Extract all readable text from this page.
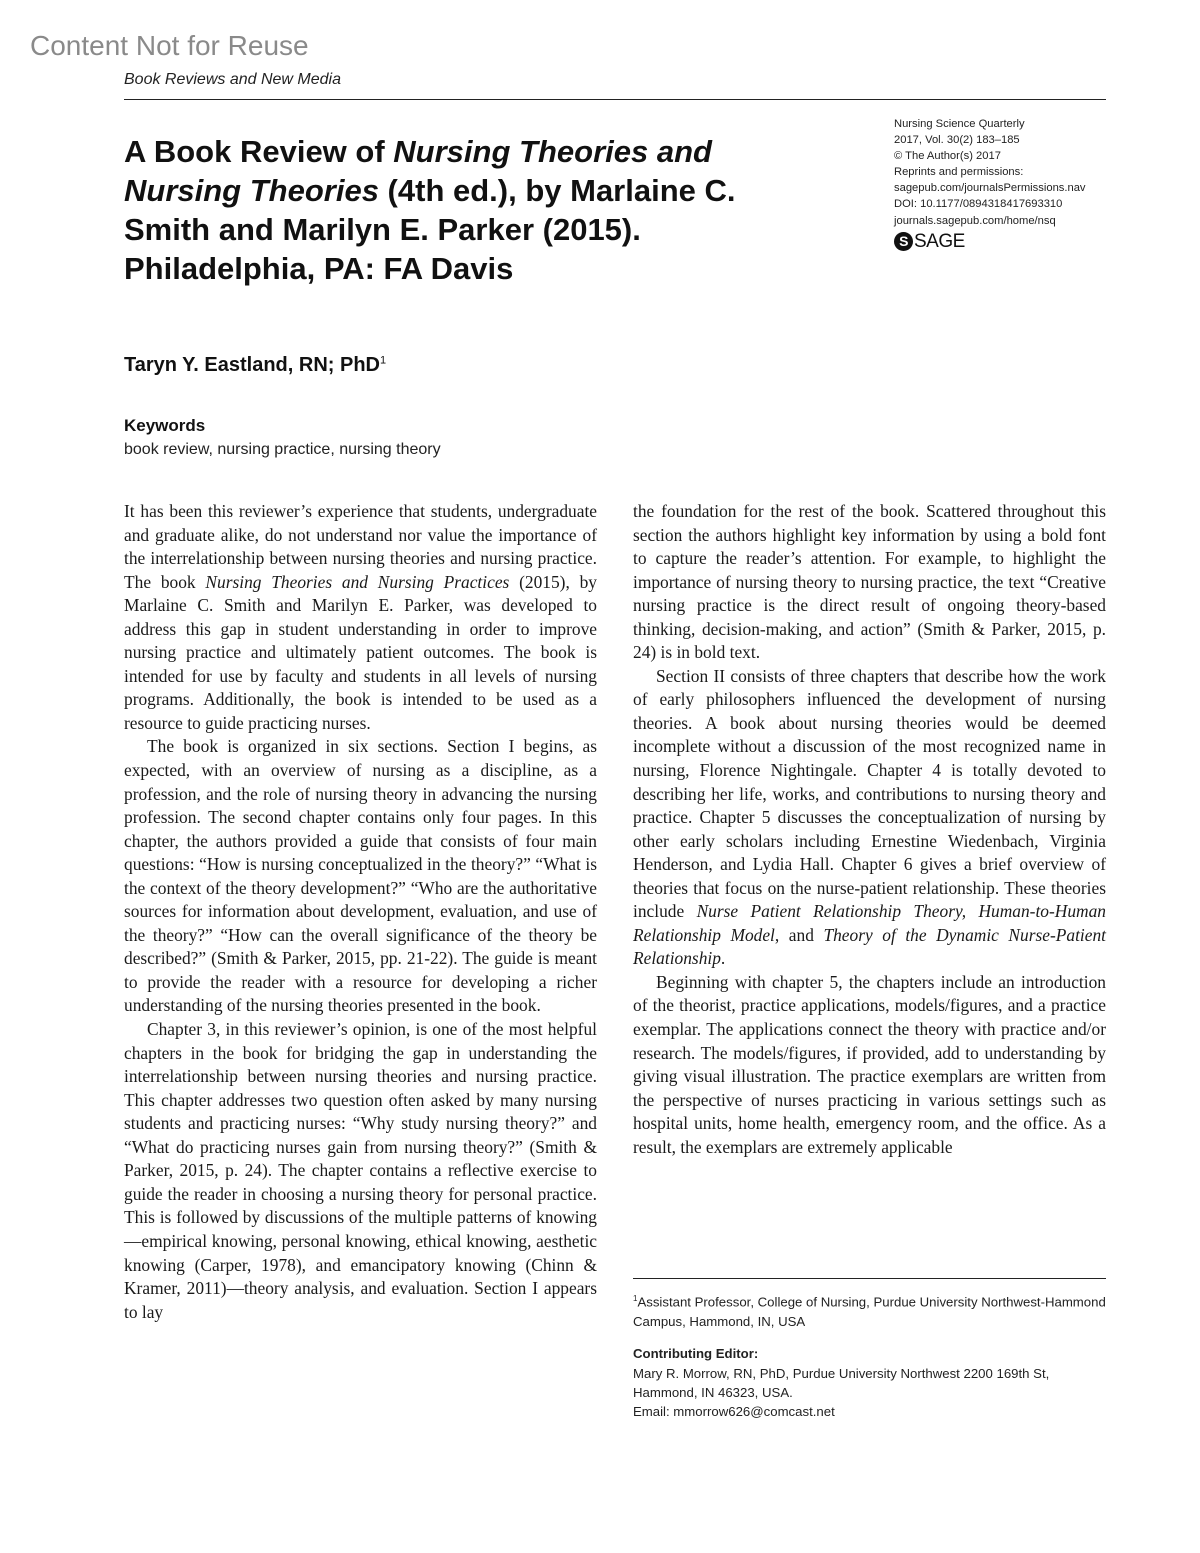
Content Not for Reuse
Book Reviews and New Media
Nursing Science Quarterly
2017, Vol. 30(2) 183–185
© The Author(s) 2017
Reprints and permissions:
sagepub.com/journalsPermissions.nav
DOI: 10.1177/0894318417693310
journals.sagepub.com/home/nsq
S SAGE
A Book Review of Nursing Theories and Nursing Theories (4th ed.), by Marlaine C. Smith and Marilyn E. Parker (2015). Philadelphia, PA: FA Davis
Taryn Y. Eastland, RN; PhD$^1$
Keywords
book review, nursing practice, nursing theory

It has been this reviewer’s experience that students, undergraduate and graduate alike, do not understand nor value the importance of the interrelationship between nursing theories and nursing practice. The book Nursing Theories and Nursing Practices (2015), by Marlaine C. Smith and Marilyn E. Parker, was developed to address this gap in student understanding in order to improve nursing practice and ultimately patient outcomes. The book is intended for use by faculty and students in all levels of nursing programs. Additionally, the book is intended to be used as a resource to guide practicing nurses.

The book is organized in six sections. Section I begins, as expected, with an overview of nursing as a discipline, as a profession, and the role of nursing theory in advancing the nursing profession. The second chapter contains only four pages. In this chapter, the authors provided a guide that consists of four main questions: “How is nursing conceptualized in the theory?” “What is the context of the theory development?” “Who are the authoritative sources for information about development, evaluation, and use of the theory?” “How can the overall significance of the theory be described?” (Smith & Parker, 2015, pp. 21-22). The guide is meant to provide the reader with a resource for developing a richer understanding of the nursing theories presented in the book.

Chapter 3, in this reviewer’s opinion, is one of the most helpful chapters in the book for bridging the gap in understanding the interrelationship between nursing theories and nursing practice. This chapter addresses two question often asked by many nursing students and practicing nurses: “Why study nursing theory?” and “What do practicing nurses gain from nursing theory?” (Smith & Parker, 2015, p. 24). The chapter contains a reflective exercise to guide the reader in choosing a nursing theory for personal practice. This is followed by discussions of the multiple patterns of knowing—empirical knowing, personal knowing, ethical knowing, aesthetic knowing (Carper, 1978), and emancipatory knowing (Chinn & Kramer, 2011)—theory analysis, and evaluation. Section I appears to lay

the foundation for the rest of the book. Scattered throughout this section the authors highlight key information by using a bold font to capture the reader’s attention. For example, to highlight the importance of nursing theory to nursing practice, the text “Creative nursing practice is the direct result of ongoing theory-based thinking, decision-making, and action” (Smith & Parker, 2015, p. 24) is in bold text.

Section II consists of three chapters that describe how the work of early philosophers influenced the development of nursing theories. A book about nursing theories would be deemed incomplete without a discussion of the most recognized name in nursing, Florence Nightingale. Chapter 4 is totally devoted to describing her life, works, and contributions to nursing theory and practice. Chapter 5 discusses the conceptualization of nursing by other early scholars including Ernestine Wiedenbach, Virginia Henderson, and Lydia Hall. Chapter 6 gives a brief overview of theories that focus on the nurse-patient relationship. These theories include Nurse Patient Relationship Theory, Human-to-Human Relationship Model, and Theory of the Dynamic Nurse-Patient Relationship.

Beginning with chapter 5, the chapters include an introduction of the theorist, practice applications, models/figures, and a practice exemplar. The applications connect the theory with practice and/or research. The models/figures, if provided, add to understanding by giving visual illustration. The practice exemplars are written from the perspective of nurses practicing in various settings such as hospital units, home health, emergency room, and the office. As a result, the exemplars are extremely applicable

$^1$Assistant Professor, College of Nursing, Purdue University Northwest-Hammond Campus, Hammond, IN, USA

Contributing Editor:

Mary R. Morrow, RN, PhD, Purdue University Northwest 2200 169th St, Hammond, IN 46323, USA.

Email: mmorrow626@comcast.net
